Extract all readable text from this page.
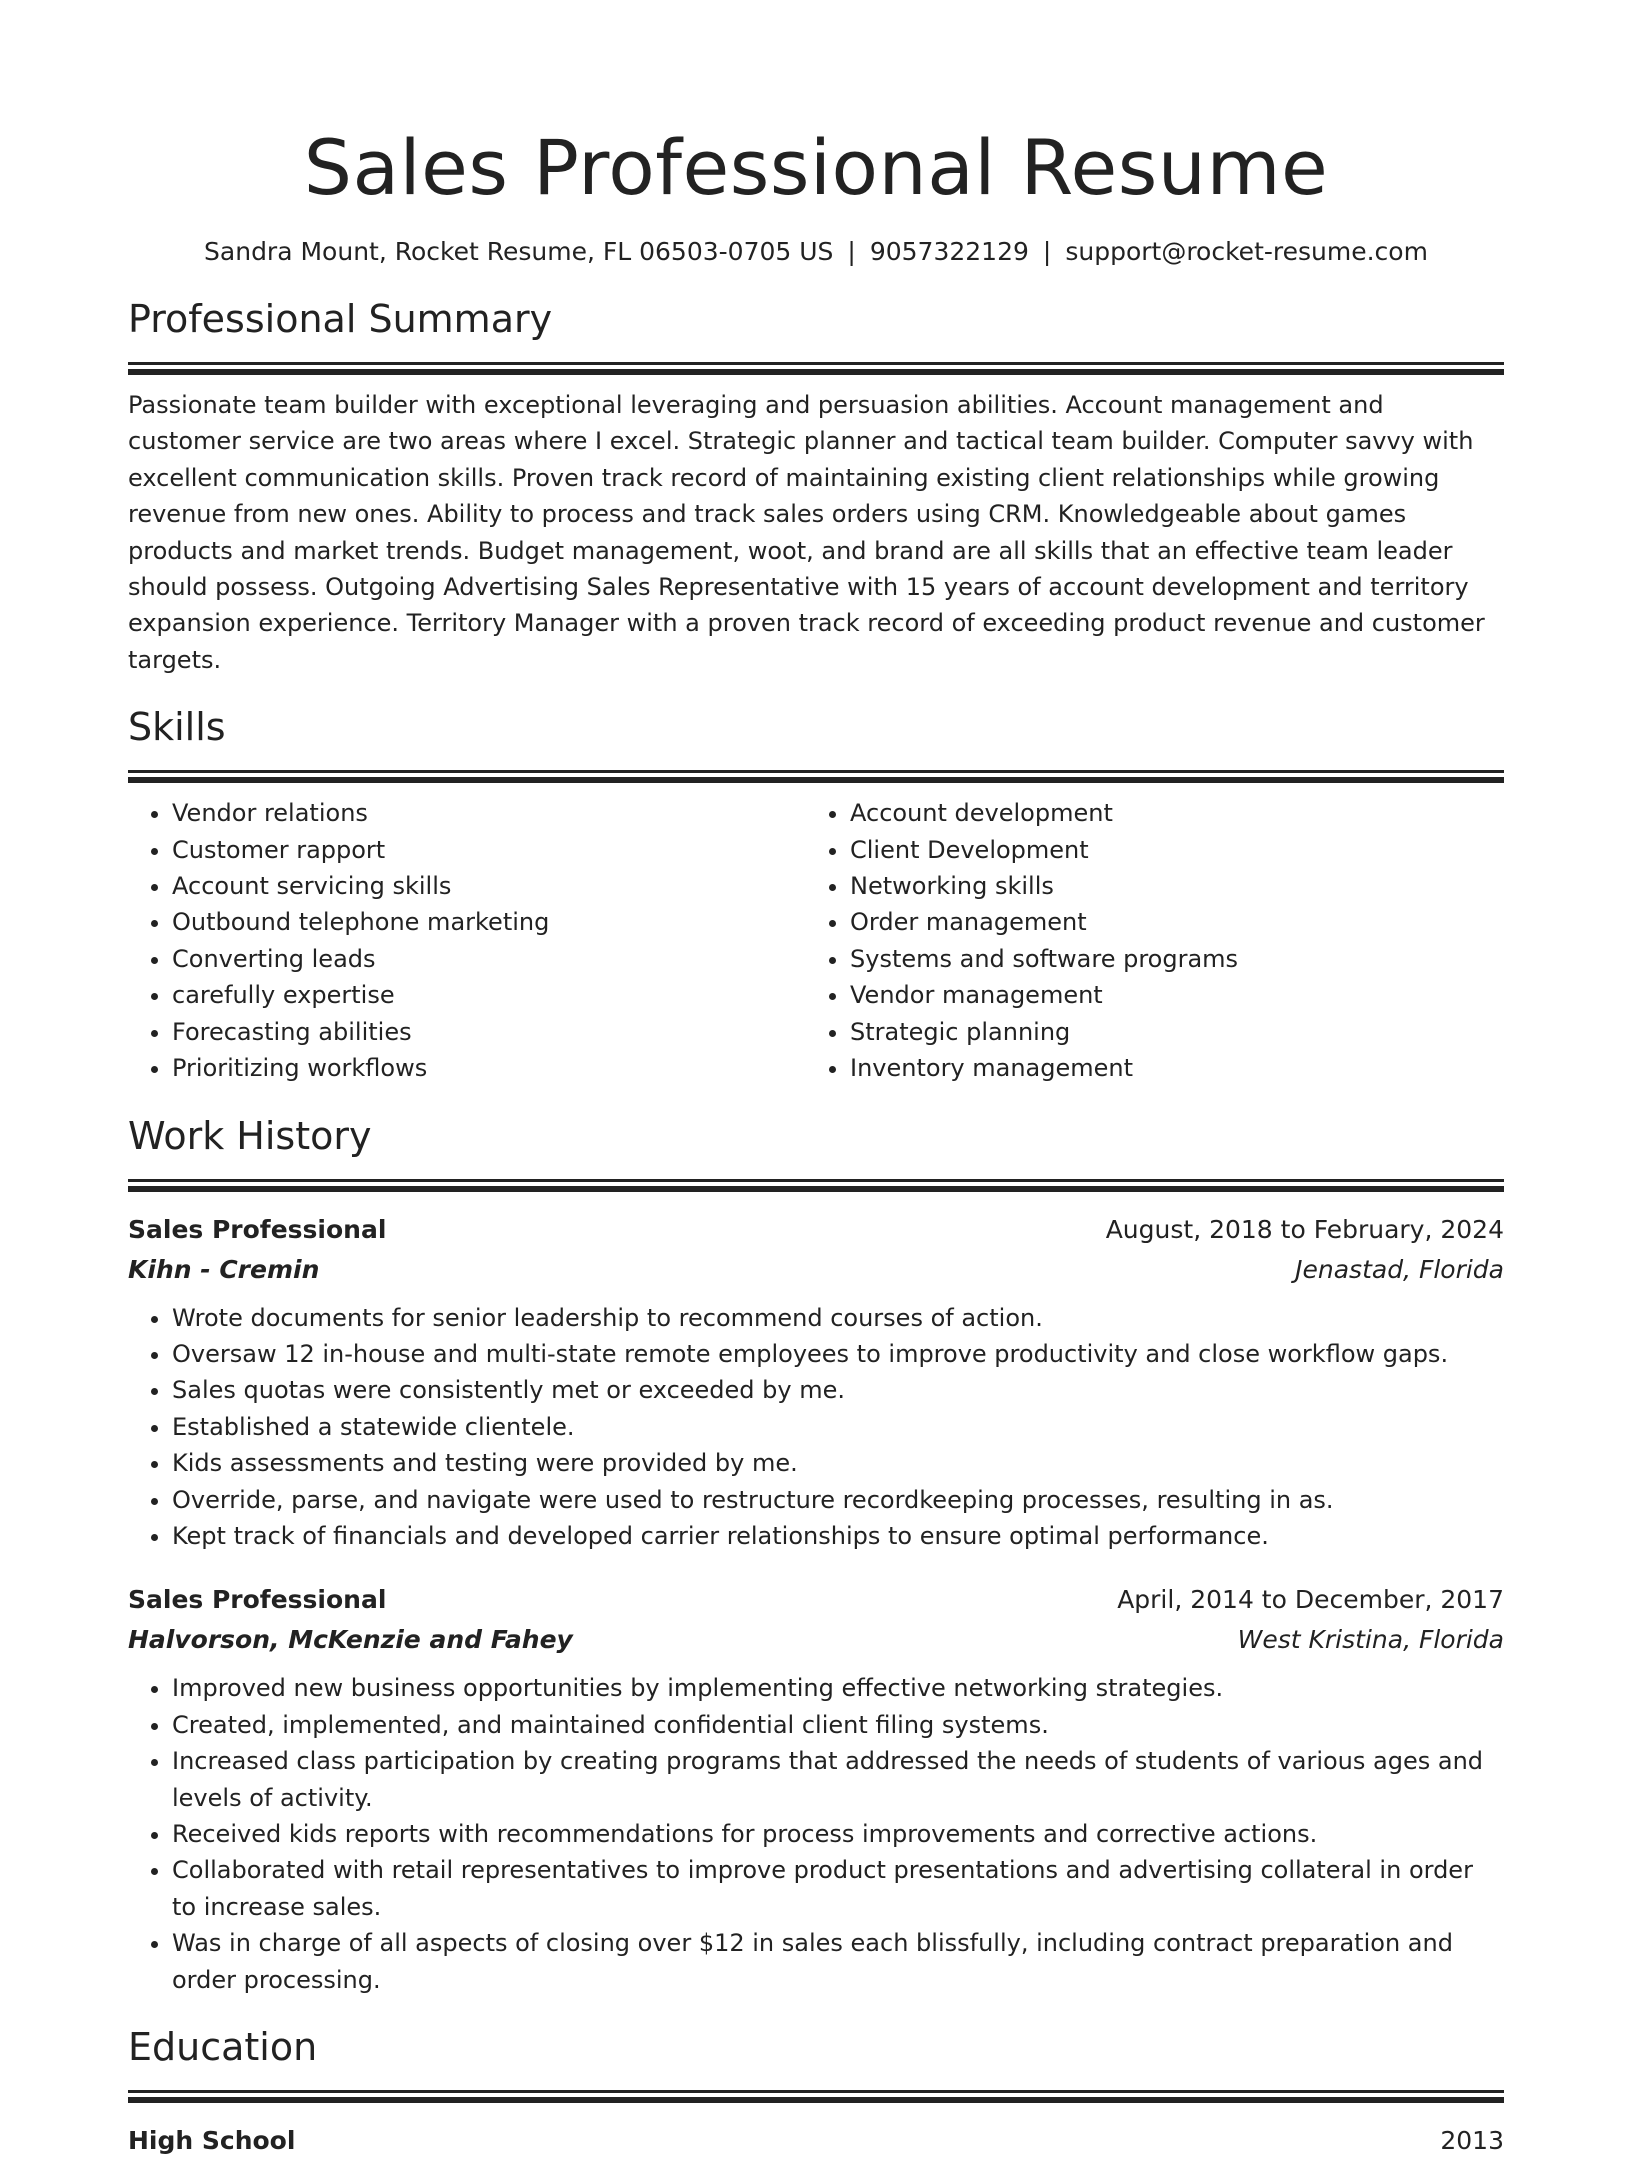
Sales Professional Resume
Sandra Mount, Rocket Resume, FL 06503-0705 US | 9057322129 | support@rocket-resume.com
Professional Summary
Passionate team builder with exceptional leveraging and persuasion abilities. Account management and customer service are two areas where I excel. Strategic planner and tactical team builder. Computer savvy with excellent communication skills. Proven track record of maintaining existing client relationships while growing revenue from new ones. Ability to process and track sales orders using CRM. Knowledgeable about games products and market trends. Budget management, woot, and brand are all skills that an effective team leader should possess. Outgoing Advertising Sales Representative with 15 years of account development and territory expansion experience. Territory Manager with a proven track record of exceeding product revenue and customer targets.
Skills
• Vendor relations
• Customer rapport
• Account servicing skills
• Outbound telephone marketing
• Converting leads
• carefully expertise
• Forecasting abilities
• Prioritizing workflows
• Account development
• Client Development
• Networking skills
• Order management
• Systems and software programs
• Vendor management
• Strategic planning
• Inventory management
Work History
Sales Professional	August, 2018 to February, 2024
Kihn - Cremin	Jenastad, Florida
• Wrote documents for senior leadership to recommend courses of action.
• Oversaw 12 in-house and multi-state remote employees to improve productivity and close workflow gaps.
• Sales quotas were consistently met or exceeded by me.
• Established a statewide clientele.
• Kids assessments and testing were provided by me.
• Override, parse, and navigate were used to restructure recordkeeping processes, resulting in as.
• Kept track of financials and developed carrier relationships to ensure optimal performance.
Sales Professional	April, 2014 to December, 2017
Halvorson, McKenzie and Fahey	West Kristina, Florida
• Improved new business opportunities by implementing effective networking strategies.
• Created, implemented, and maintained confidential client filing systems.
• Increased class participation by creating programs that addressed the needs of students of various ages and levels of activity.
• Received kids reports with recommendations for process improvements and corrective actions.
• Collaborated with retail representatives to improve product presentations and advertising collateral in order to increase sales.
• Was in charge of all aspects of closing over $12 in sales each blissfully, including contract preparation and order processing.
Education
High School	2013
